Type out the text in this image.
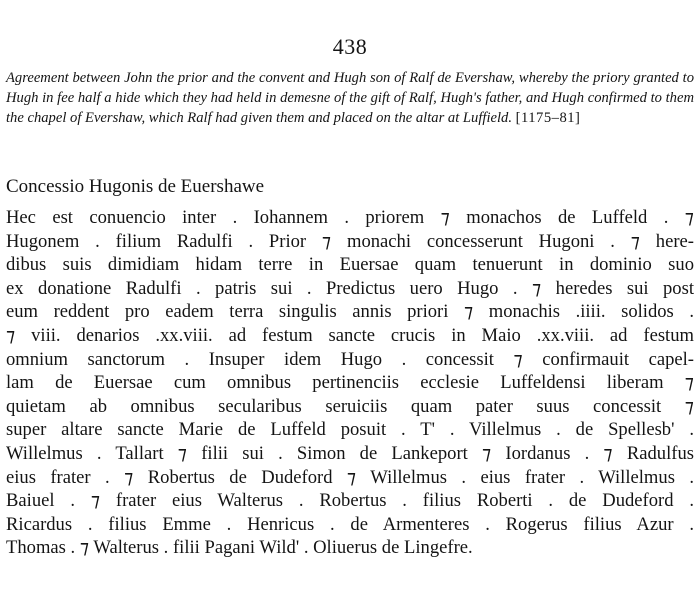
438
Agreement between John the prior and the convent and Hugh son of Ralf de Evershaw, whereby the priory granted to Hugh in fee half a hide which they had held in demesne of the gift of Ralf, Hugh's father, and Hugh confirmed to them the chapel of Evershaw, which Ralf had given them and placed on the altar at Luffield. [1175–81]
Concessio Hugonis de Euershawe
Hec est conuencio inter . Iohannem . priorem ⁊ monachos de Luffeld . ⁊
Hugonem . filium Radulfi . Prior ⁊ monachi concesserunt Hugoni . ⁊ here-
dibus suis dimidiam hidam terre in Euersae quam tenuerunt in dominio suo
ex donatione Radulfi . patris sui . Predictus uero Hugo . ⁊ heredes sui post
eum reddent pro eadem terra singulis annis priori ⁊ monachis .iiii. solidos .
⁊ viii. denarios .xx.viii. ad festum sancte crucis in Maio .xx.viii. ad festum
omnium sanctorum . Insuper idem Hugo . concessit ⁊ confirmauit capel-
lam de Euersae cum omnibus pertinenciis ecclesie Luffeldensi liberam ⁊
quietam ab omnibus secularibus seruiciis quam pater suus concessit ⁊
super altare sancte Marie de Luffeld posuit . T' . Villelmus . de Spellesb' .
Willelmus . Tallart ⁊ filii sui . Simon de Lankeport ⁊ Iordanus . ⁊ Radulfus
eius frater . ⁊ Robertus de Dudeford ⁊ Willelmus . eius frater . Willelmus .
Baiuel . ⁊ frater eius Walterus . Robertus . filius Roberti . de Dudeford .
Ricardus . filius Emme . Henricus . de Armenteres . Rogerus filius Azur .
Thomas . ⁊ Walterus . filii Pagani Wild' . Oliuerus de Lingefre.
